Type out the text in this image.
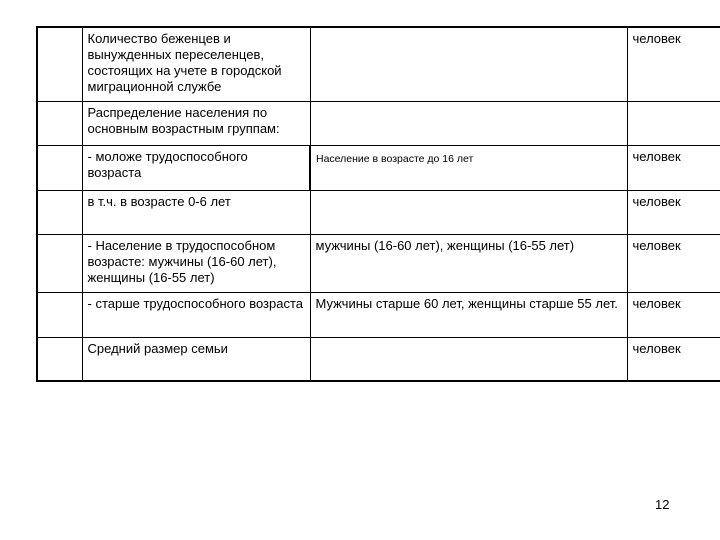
	Количество беженцев и вынужденных переселенцев, состоящих на учете в городской миграционной службе		человек
	Распределение населения по основным возрастным группам:		
	- моложе трудоспособного возраста	Население в возрасте до 16 лет	человек
	в т.ч. в возрасте 0-6 лет		человек
	- Население в трудоспособном возрасте: мужчины (16-60 лет), женщины (16-55 лет)	мужчины (16-60 лет), женщины (16-55 лет)	человек
	- старше трудоспособного возраста	Мужчины старше 60 лет, женщины старше 55 лет.	человек
	Средний размер семьи		человек
12
